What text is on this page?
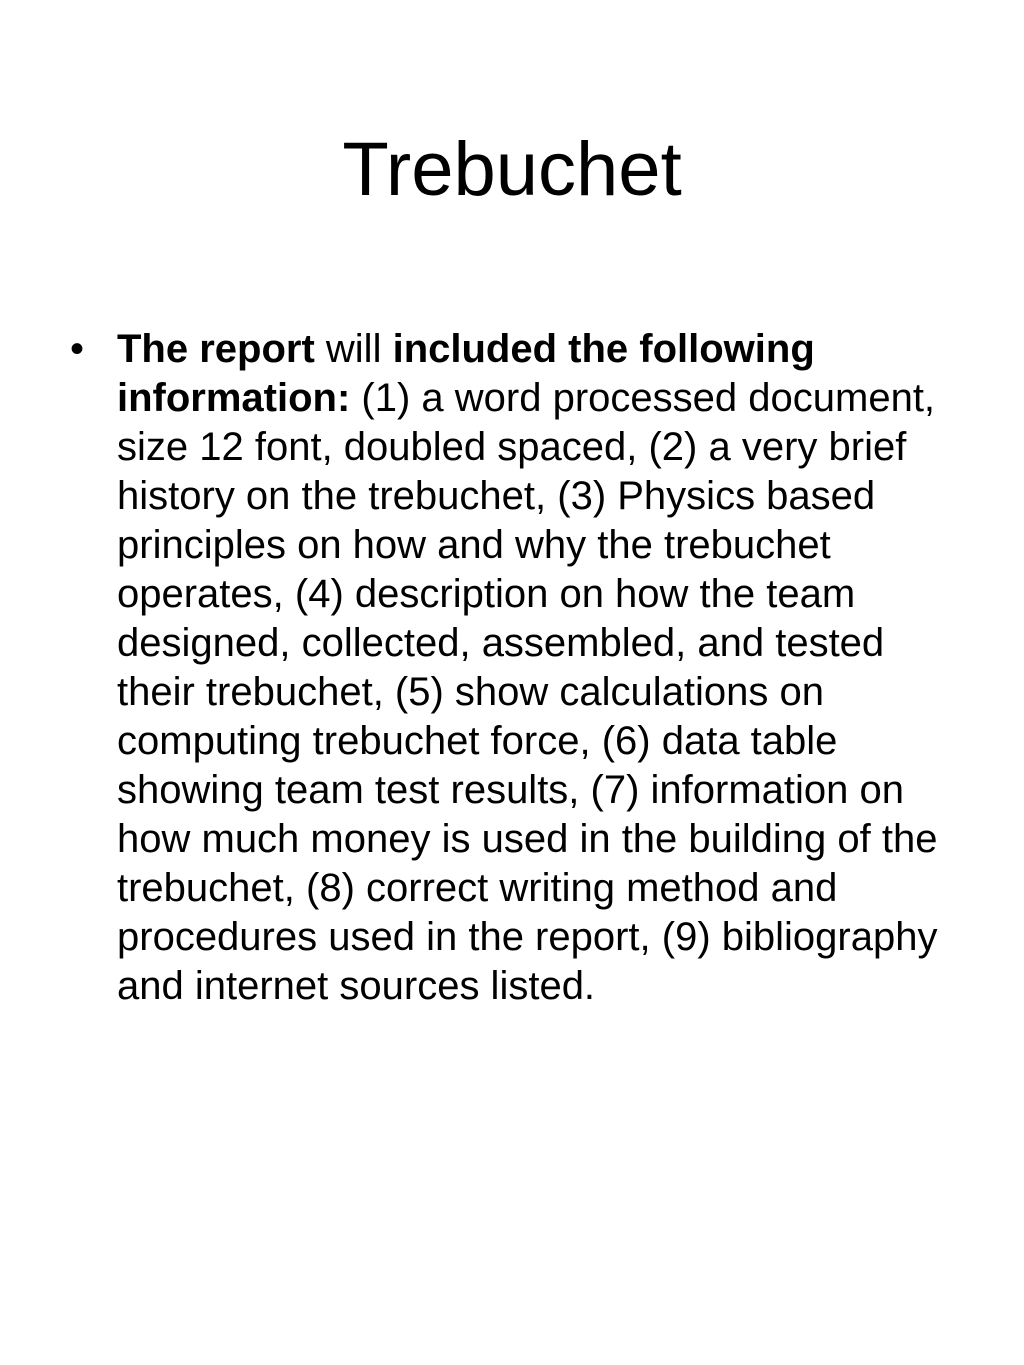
Trebuchet
• The report will included the following information: (1) a word processed document, size 12 font, doubled spaced, (2) a very brief history on the trebuchet, (3) Physics based principles on how and why the trebuchet operates, (4) description on how the team designed, collected, assembled, and tested their trebuchet, (5) show calculations on computing trebuchet force, (6) data table showing team test results, (7) information on how much money is used in the building of the trebuchet, (8) correct writing method and procedures used in the report, (9) bibliography and internet sources listed.
